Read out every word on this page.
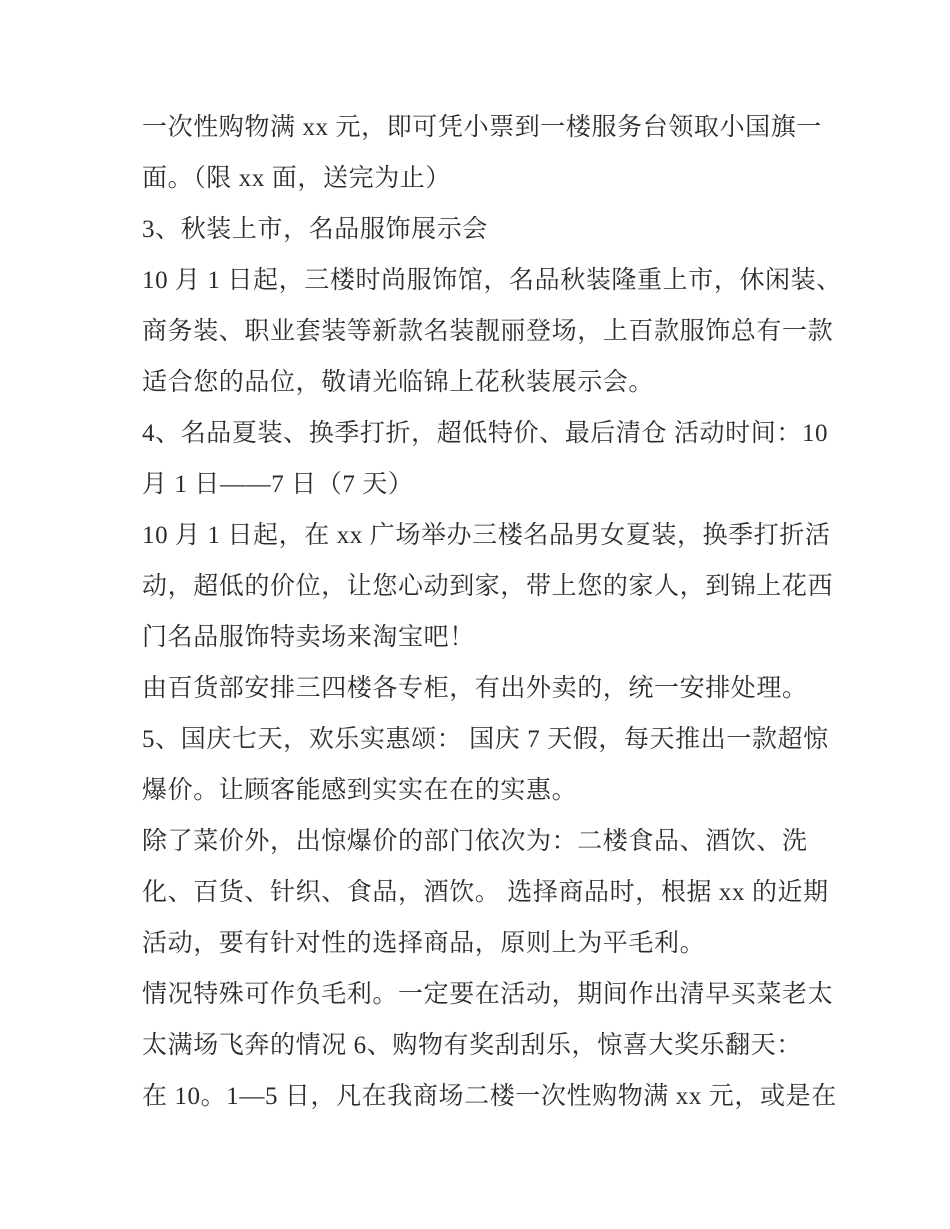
一次性购物满 xx 元，即可凭小票到一楼服务台领取小国旗一
面。（限 xx 面，送完为止）
3、秋装上市，名品服饰展示会
10 月 1 日起，三楼时尚服饰馆，名品秋装隆重上市，休闲装、
商务装、职业套装等新款名装靓丽登场，上百款服饰总有一款
适合您的品位，敬请光临锦上花秋装展示会。
4、名品夏装、换季打折，超低特价、最后清仓 活动时间：10
月 1 日——7 日（7 天）
10 月 1 日起，在 xx 广场举办三楼名品男女夏装，换季打折活
动，超低的价位，让您心动到家，带上您的家人，到锦上花西
门名品服饰特卖场来淘宝吧！
由百货部安排三四楼各专柜，有出外卖的，统一安排处理。
5、国庆七天，欢乐实惠颂： 国庆 7 天假，每天推出一款超惊
爆价。让顾客能感到实实在在的实惠。
除了菜价外，出惊爆价的部门依次为：二楼食品、酒饮、洗
化、百货、针织、食品，酒饮。 选择商品时，根据 xx 的近期
活动，要有针对性的选择商品，原则上为平毛利。
情况特殊可作负毛利。一定要在活动，期间作出清早买菜老太
太满场飞奔的情况 6、购物有奖刮刮乐，惊喜大奖乐翻天：
在 10。1—5 日，凡在我商场二楼一次性购物满 xx 元，或是在
